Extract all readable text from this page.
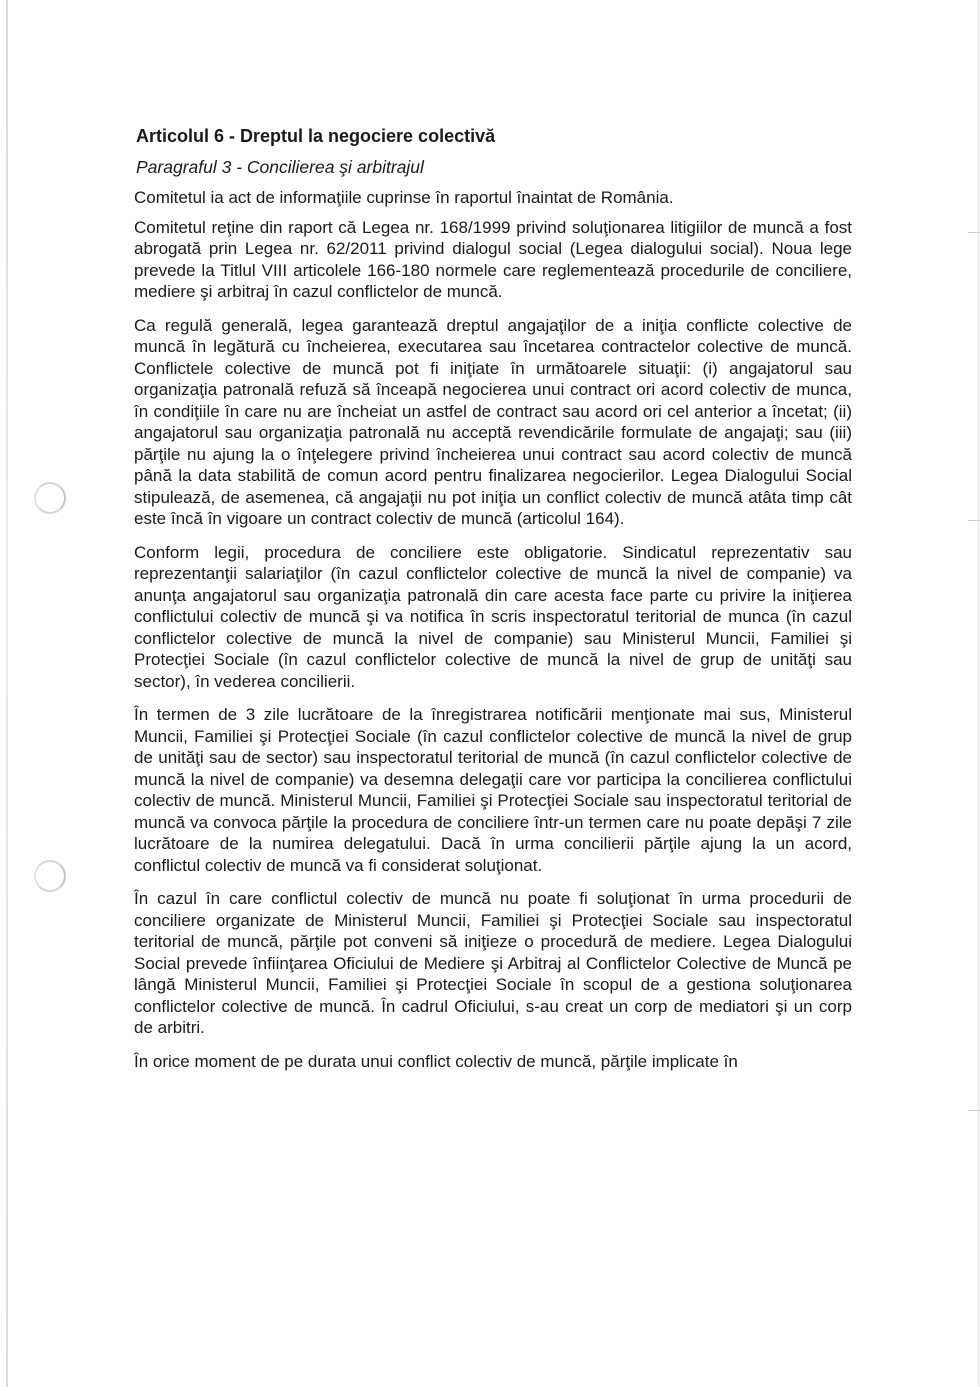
Articolul 6 - Dreptul la negociere colectivă
Paragraful 3 - Concilierea şi arbitrajul

Comitetul ia act de informaţiile cuprinse în raportul înaintat de România.

Comitetul reţine din raport că Legea nr. 168/1999 privind soluţionarea litigiilor de muncă a fost abrogată prin Legea nr. 62/2011 privind dialogul social (Legea dialogului social). Noua lege prevede la Titlul VIII articolele 166-180 normele care reglementează procedurile de conciliere, mediere şi arbitraj în cazul conflictelor de muncă.

Ca regulă generală, legea garantează dreptul angajaţilor de a iniţia conflicte colective de muncă în legătură cu încheierea, executarea sau încetarea contractelor colective de muncă. Conflictele colective de muncă pot fi iniţiate în următoarele situaţii: (i) angajatorul sau organizaţia patronală refuză să înceapă negocierea unui contract ori acord colectiv de munca, în condiţiile în care nu are încheiat un astfel de contract sau acord ori cel anterior a încetat; (ii) angajatorul sau organizaţia patronală nu acceptă revendicările formulate de angajaţi; sau (iii) părţile nu ajung la o înţelegere privind încheierea unui contract sau acord colectiv de muncă până la data stabilită de comun acord pentru finalizarea negocierilor. Legea Dialogului Social stipulează, de asemenea, că angajaţii nu pot iniţia un conflict colectiv de muncă atâta timp cât este încă în vigoare un contract colectiv de muncă (articolul 164).

Conform legii, procedura de conciliere este obligatorie. Sindicatul reprezentativ sau reprezentanţii salariaţilor (în cazul conflictelor colective de muncă la nivel de companie) va anunţa angajatorul sau organizaţia patronală din care acesta face parte cu privire la iniţierea conflictului colectiv de muncă şi va notifica în scris inspectoratul teritorial de munca (în cazul conflictelor colective de muncă la nivel de companie) sau Ministerul Muncii, Familiei şi Protecţiei Sociale (în cazul conflictelor colective de muncă la nivel de grup de unităţi sau sector), în vederea concilierii.

În termen de 3 zile lucrătoare de la înregistrarea notificării menţionate mai sus, Ministerul Muncii, Familiei şi Protecţiei Sociale (în cazul conflictelor colective de muncă la nivel de grup de unităţi sau de sector) sau inspectoratul teritorial de muncă (în cazul conflictelor colective de muncă la nivel de companie) va desemna delegaţii care vor participa la concilierea conflictului colectiv de muncă. Ministerul Muncii, Familiei şi Protecţiei Sociale sau inspectoratul teritorial de muncă va convoca părţile la procedura de conciliere într-un termen care nu poate depăşi 7 zile lucrătoare de la numirea delegatului. Dacă în urma concilierii părţile ajung la un acord, conflictul colectiv de muncă va fi considerat soluţionat.

În cazul în care conflictul colectiv de muncă nu poate fi soluţionat în urma procedurii de conciliere organizate de Ministerul Muncii, Familiei şi Protecţiei Sociale sau inspectoratul teritorial de muncă, părţile pot conveni să iniţieze o procedură de mediere. Legea Dialogului Social prevede înfiinţarea Oficiului de Mediere şi Arbitraj al Conflictelor Colective de Muncă pe lângă Ministerul Muncii, Familiei şi Protecţiei Sociale în scopul de a gestiona soluţionarea conflictelor colective de muncă. În cadrul Oficiului, s-au creat un corp de mediatori şi un corp de arbitri.

În orice moment de pe durata unui conflict colectiv de muncă, părţile implicate în
